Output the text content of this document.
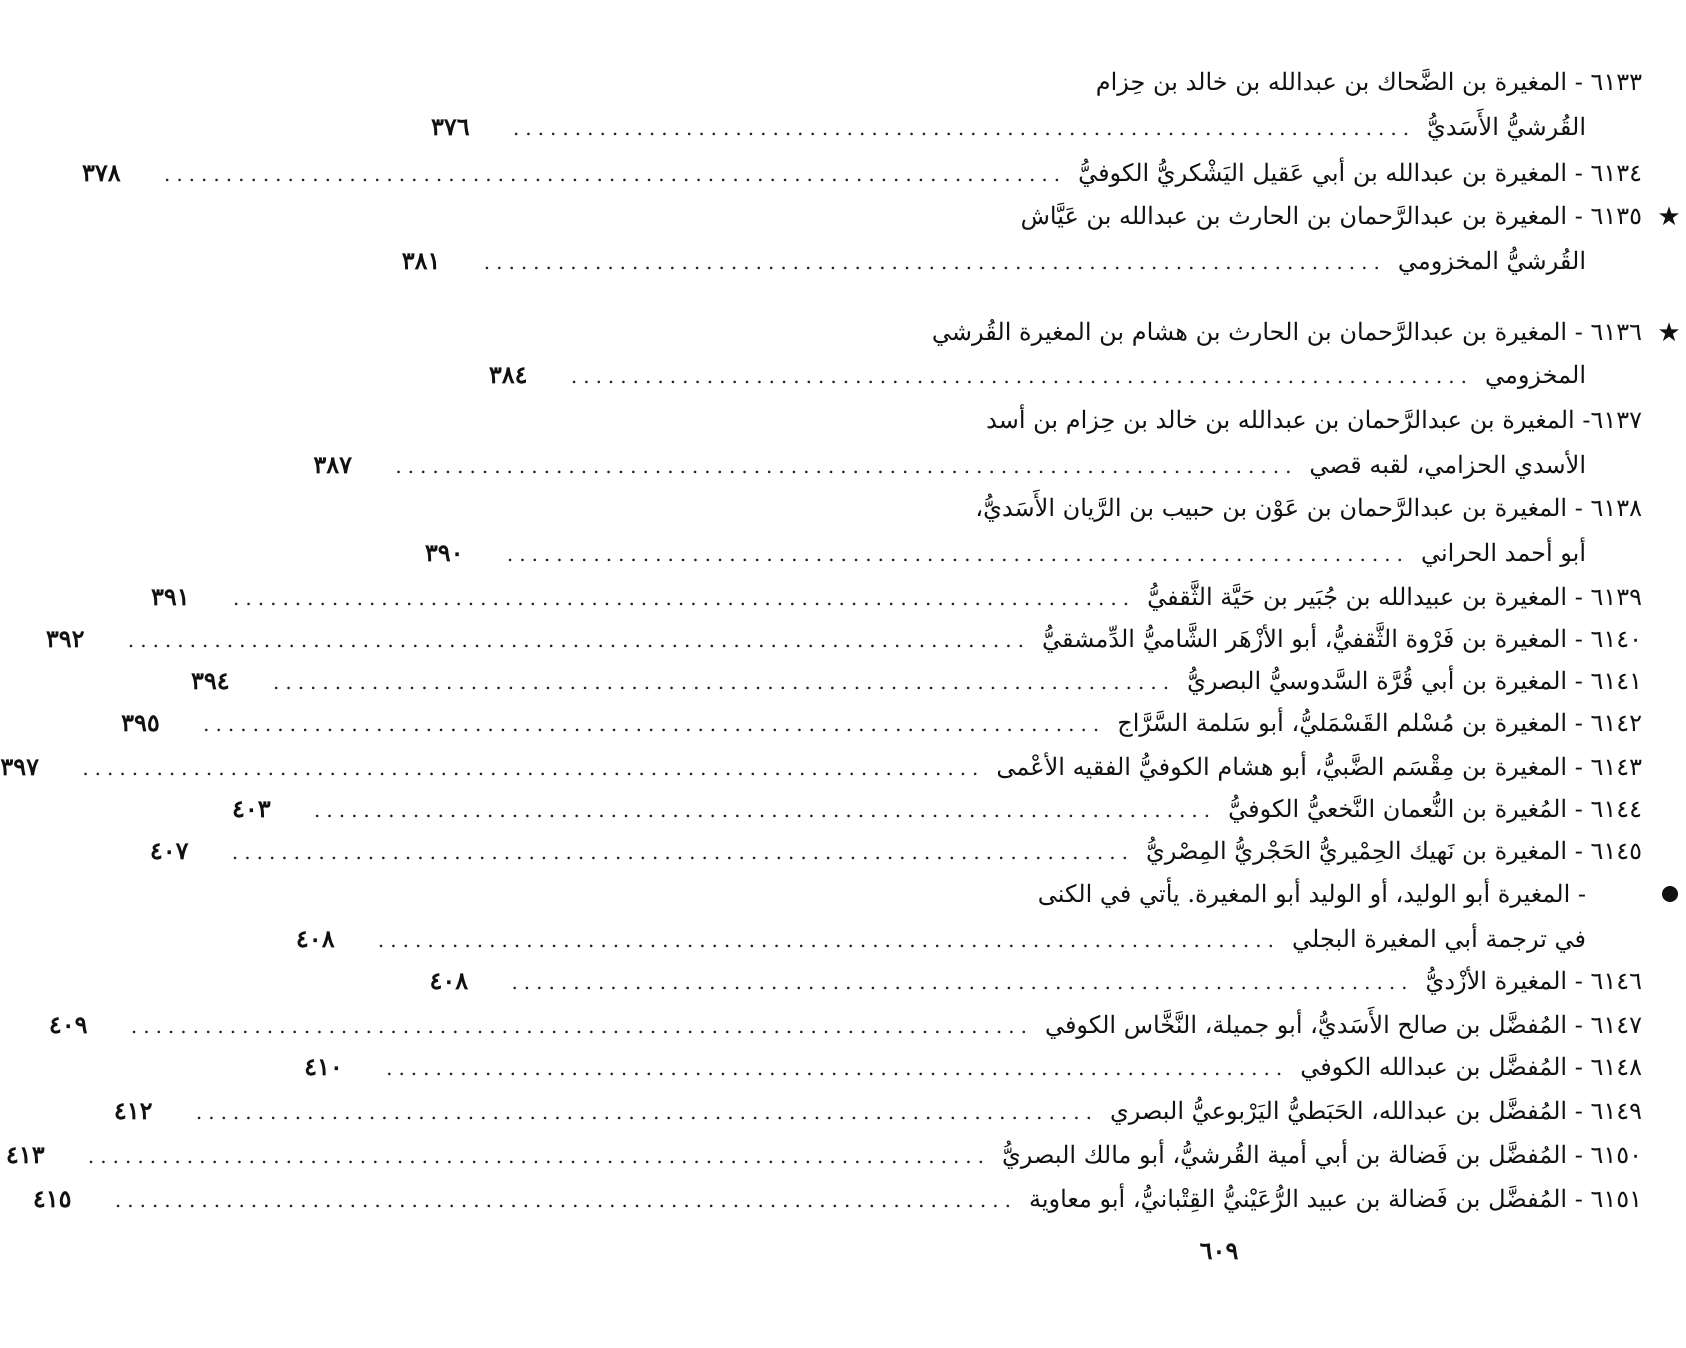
٦١٣٣ - المغيرة بن الضَّحاك بن عبدالله بن خالد بن حِزام
القُرشيُّ الأَسَديُّ
.........................................................................
٣٧٦
٦١٣٤ - المغيرة بن عبدالله بن أبي عَقيل اليَشْكريُّ الكوفيُّ
.........................................................................
٣٧٨
★
٦١٣٥ - المغيرة بن عبدالرَّحمان بن الحارث بن عبدالله بن عَيَّاش
القُرشيُّ المخزومي
.........................................................................
٣٨١
★
٦١٣٦ - المغيرة بن عبدالرَّحمان بن الحارث بن هشام بن المغيرة القُرشي
المخزومي
.........................................................................
٣٨٤
٦١٣٧- المغيرة بن عبدالرَّحمان بن عبدالله بن خالد بن حِزام بن أسد
الأسدي الحزامي، لقبه قصي
.........................................................................
٣٨٧
٦١٣٨ - المغيرة بن عبدالرَّحمان بن عَوْن بن حبيب بن الرَّيان الأَسَديُّ،
أبو أحمد الحراني
.........................................................................
٣٩٠
٦١٣٩ - المغيرة بن عبيدالله بن جُبَير بن حَيَّة الثَّقفيُّ
.........................................................................
٣٩١
٦١٤٠ - المغيرة بن فَرْوة الثَّقفيُّ، أبو الأزْهَر الشَّاميُّ الدِّمشقيُّ
.........................................................................
٣٩٢
٦١٤١ - المغيرة بن أبي قُرَّة السَّدوسيُّ البصريُّ
.........................................................................
٣٩٤
٦١٤٢ - المغيرة بن مُسْلم القَسْمَليُّ، أبو سَلمة السَّرَّاج
.........................................................................
٣٩٥
٦١٤٣ - المغيرة بن مِقْسَم الضَّبيُّ، أبو هشام الكوفيُّ الفقيه الأعْمى
.........................................................................
٣٩٧
٦١٤٤ - المُغيرة بن النُّعمان النَّخعيُّ الكوفيُّ
.........................................................................
٤٠٣
٦١٤٥ - المغيرة بن نَهيك الحِمْيريُّ الحَجْريُّ المِصْريُّ
.........................................................................
٤٠٧
- المغيرة أبو الوليد، أو الوليد أبو المغيرة. يأتي في الكنى
في ترجمة أبي المغيرة البجلي
.........................................................................
٤٠٨
٦١٤٦ - المغيرة الأزْديُّ
.........................................................................
٤٠٨
٦١٤٧ - المُفضَّل بن صالح الأَسَديُّ، أبو جميلة، النَّخَّاس الكوفي
.........................................................................
٤٠٩
٦١٤٨ - المُفضَّل بن عبدالله الكوفي
.........................................................................
٤١٠
٦١٤٩ - المُفضَّل بن عبدالله، الحَبَطيُّ اليَرْبوعيُّ البصري
.........................................................................
٤١٢
٦١٥٠ - المُفضَّل بن فَضالة بن أبي أمية القُرشيُّ، أبو مالك البصريُّ
.........................................................................
٤١٣
٦١٥١ - المُفضَّل بن فَضالة بن عبيد الرُّعَيْنيُّ القِتْبانيُّ، أبو معاوية
.........................................................................
٤١٥
٦٠٩
